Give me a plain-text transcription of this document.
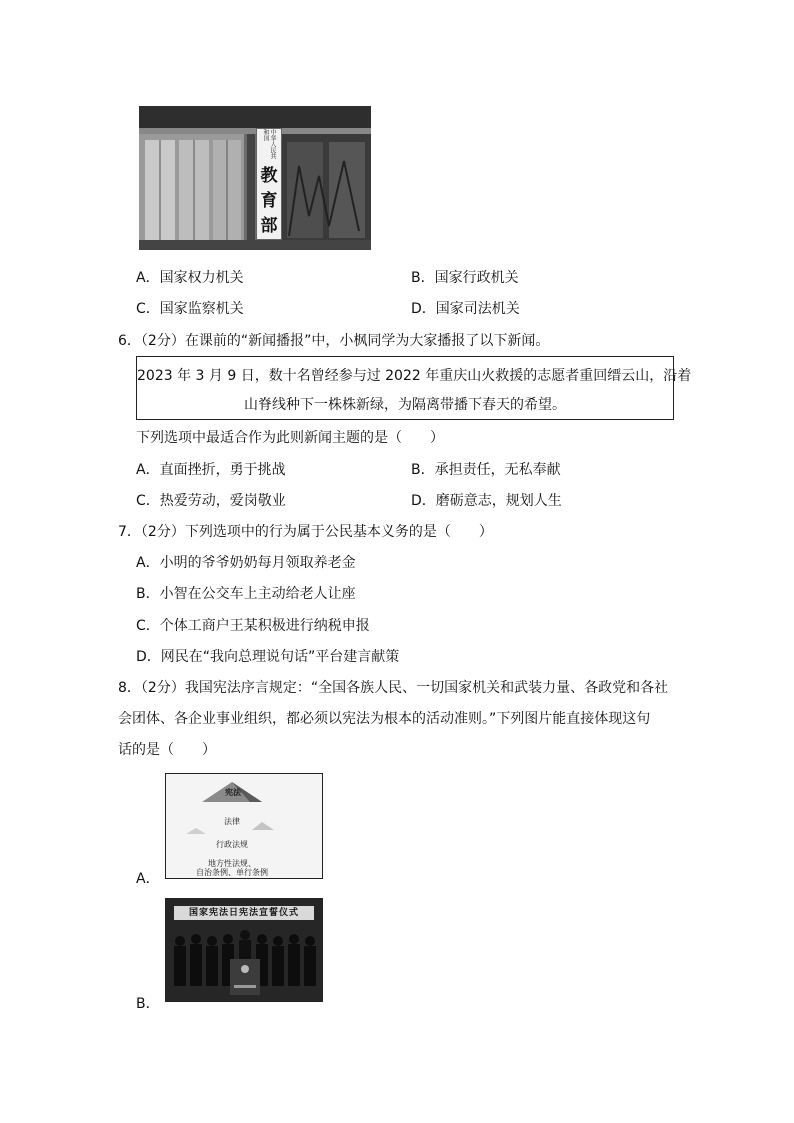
中华人民共和国
教
育
部
A．国家权力机关	B．国家行政机关
C．国家监察机关	D．国家司法机关
6．（2分）在课前的“新闻播报”中，小枫同学为大家播报了以下新闻。
2023 年 3 月 9 日，数十名曾经参与过 2022 年重庆山火救援的志愿者重回缙云山，沿着
山脊线种下一株株新绿，为隔离带播下春天的希望。
下列选项中最适合作为此则新闻主题的是（　　）
A．直面挫折，勇于挑战	B．承担责任，无私奉献
C．热爱劳动，爱岗敬业	D．磨砺意志，规划人生
7．（2分）下列选项中的行为属于公民基本义务的是（　　）
A．小明的爷爷奶奶每月领取养老金
B．小智在公交车上主动给老人让座
C．个体工商户王某积极进行纳税申报
D．网民在“我向总理说句话”平台建言献策
8．（2分）我国宪法序言规定：“全国各族人民、一切国家机关和武装力量、各政党和各社
会团体、各企业事业组织，都必须以宪法为根本的活动准则。”下列图片能直接体现这句
话的是（　　）
宪法
法律
行政法规
地方性法规、
自治条例、单行条例
A．
国家宪法日宪法宣誓仪式
B．
